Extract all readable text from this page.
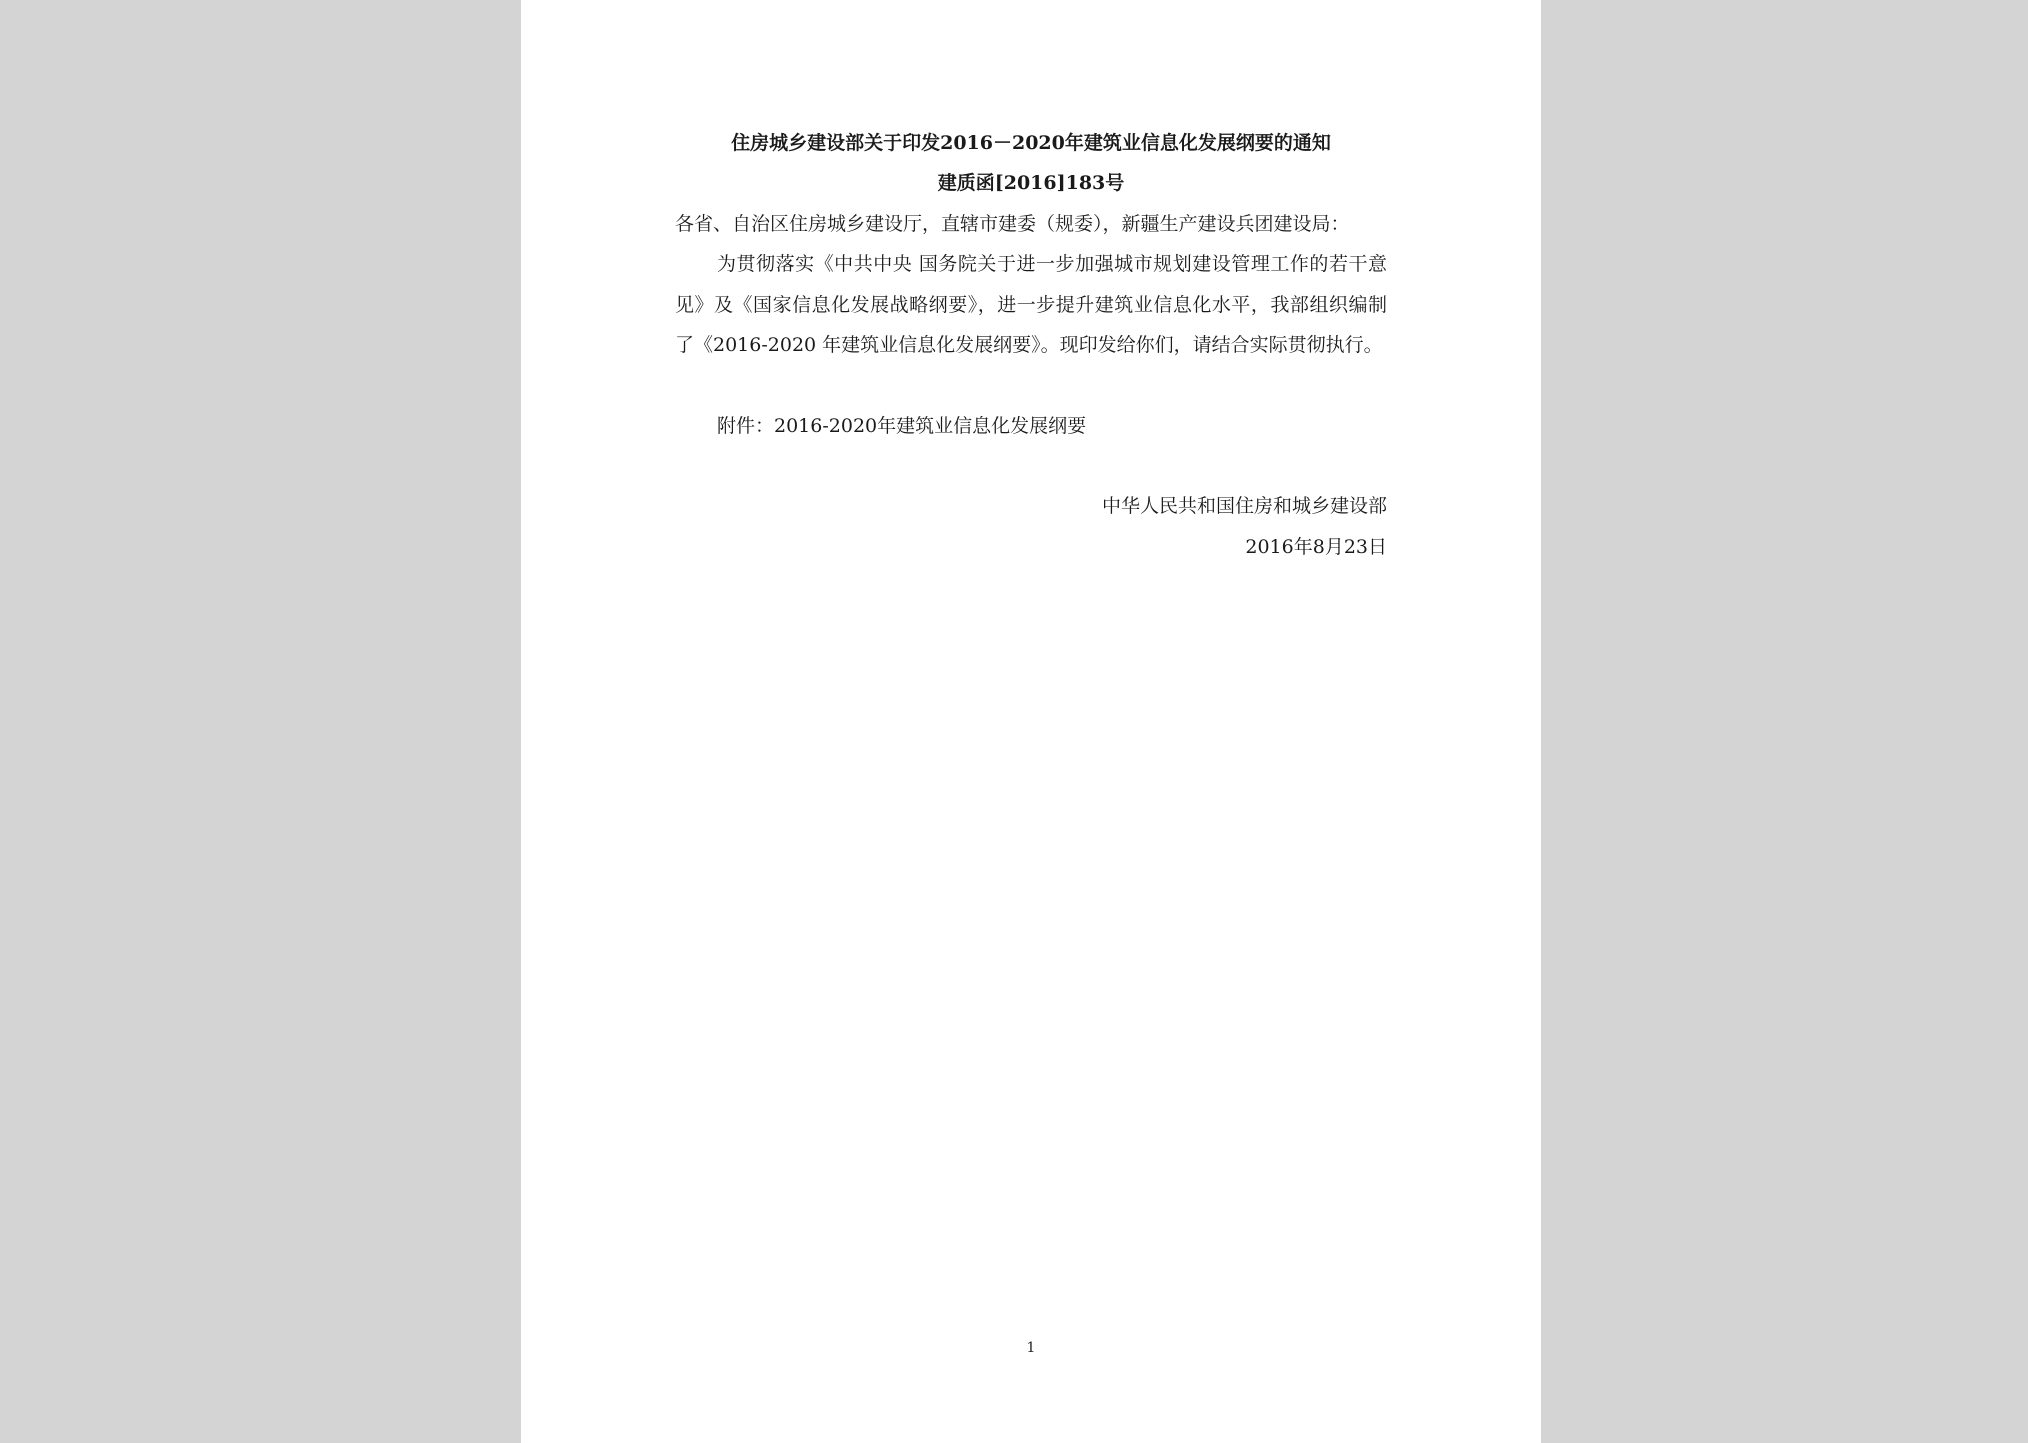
住房城乡建设部关于印发2016－2020年建筑业信息化发展纲要的通知
建质函[2016]183号
各省、自治区住房城乡建设厅，直辖市建委（规委），新疆生产建设兵团建设局：
为贯彻落实《中共中央 国务院关于进一步加强城市规划建设管理工作的若干意见》及《国家信息化发展战略纲要》，进一步提升建筑业信息化水平，我部组织编制了《2016-2020 年建筑业信息化发展纲要》。现印发给你们，请结合实际贯彻执行。
附件：2016-2020年建筑业信息化发展纲要
中华人民共和国住房和城乡建设部
2016年8月23日
1
